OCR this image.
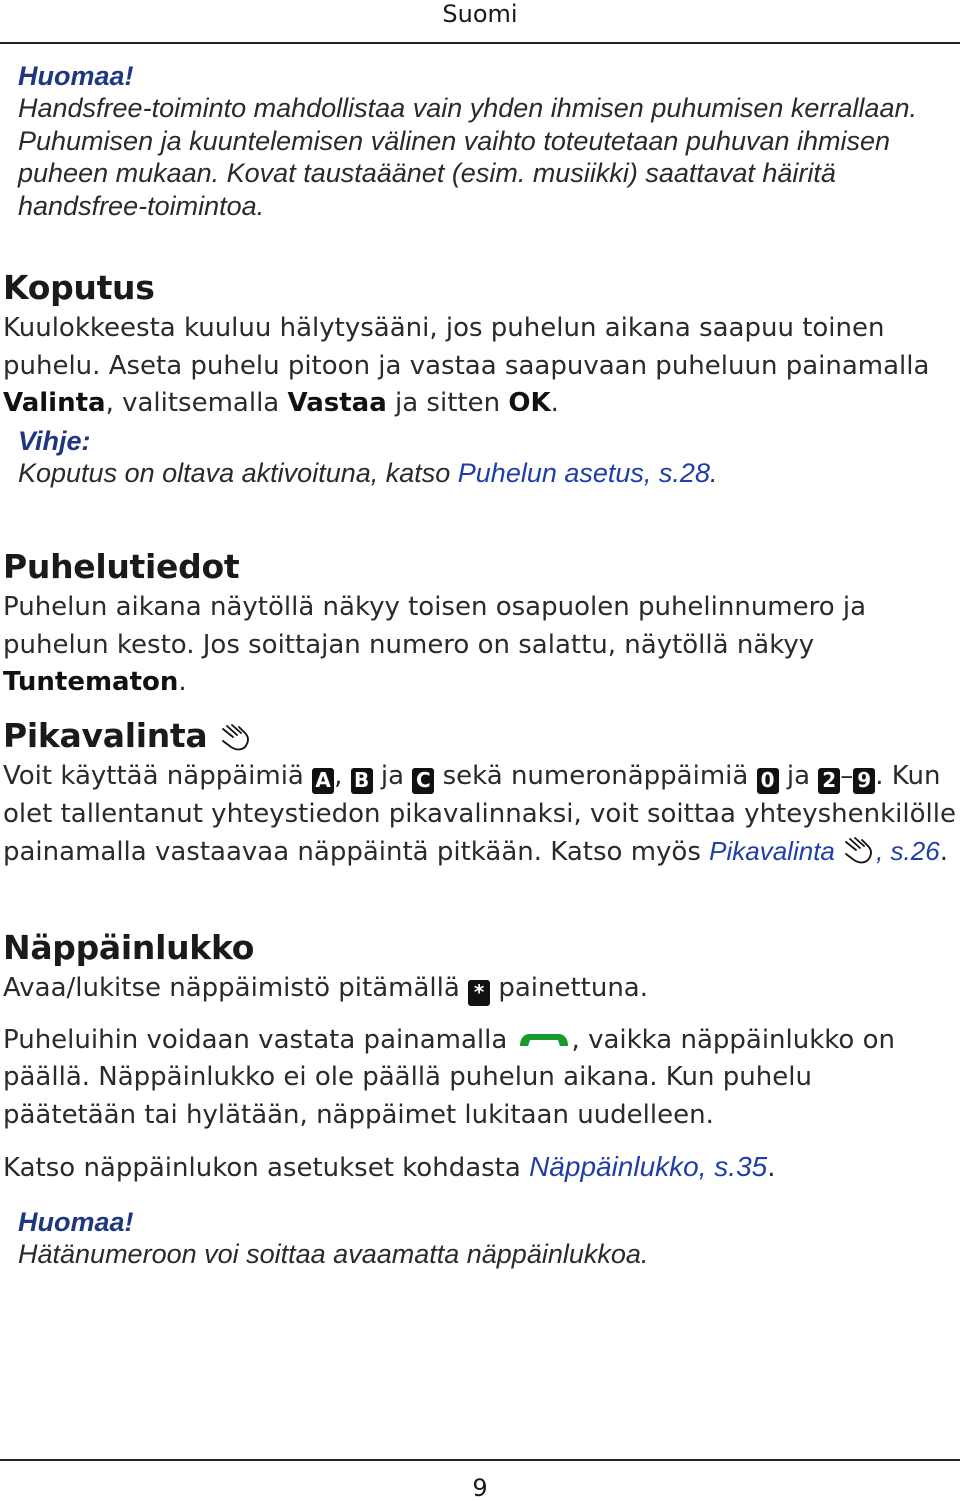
Suomi
Huomaa!
Handsfree-toiminto mahdollistaa vain yhden ihmisen puhumisen kerrallaan. Puhumisen ja kuuntelemisen välinen vaihto toteutetaan puhuvan ihmisen puheen mukaan. Kovat taustaäänet (esim. musiikki) saattavat häiritä handsfree-toimintoa.
Koputus
Kuulokkeesta kuuluu hälytysääni, jos puhelun aikana saapuu toinen puhelu. Aseta puhelu pitoon ja vastaa saapuvaan puheluun painamalla Valinta, valitsemalla Vastaa ja sitten OK.
Vihje:
Koputus on oltava aktivoituna, katso Puhelun asetus, s.28.
Puhelutiedot
Puhelun aikana näytöllä näkyy toisen osapuolen puhelinnumero ja puhelun kesto. Jos soittajan numero on salattu, näytöllä näkyy Tuntematon.
Pikavalinta
Voit käyttää näppäimiä A , B ja C sekä numeronäppäimiä 0 ja 2 – 9 . Kun olet tallentanut yhteystiedon pikavalinnaksi, voit soittaa yhteyshenkilölle painamalla vastaavaa näppäintä pitkään. Katso myös Pikavalinta , s.26.
Näppäinlukko
Avaa/lukitse näppäimistö pitämällä * painettuna.
Puheluihin voidaan vastata painamalla , vaikka näppäinlukko on päällä. Näppäinlukko ei ole päällä puhelun aikana. Kun puhelu päätetään tai hylätään, näppäimet lukitaan uudelleen.
Katso näppäinlukon asetukset kohdasta Näppäinlukko, s.35.
Huomaa!
Hätänumeroon voi soittaa avaamatta näppäinlukkoa.
9
